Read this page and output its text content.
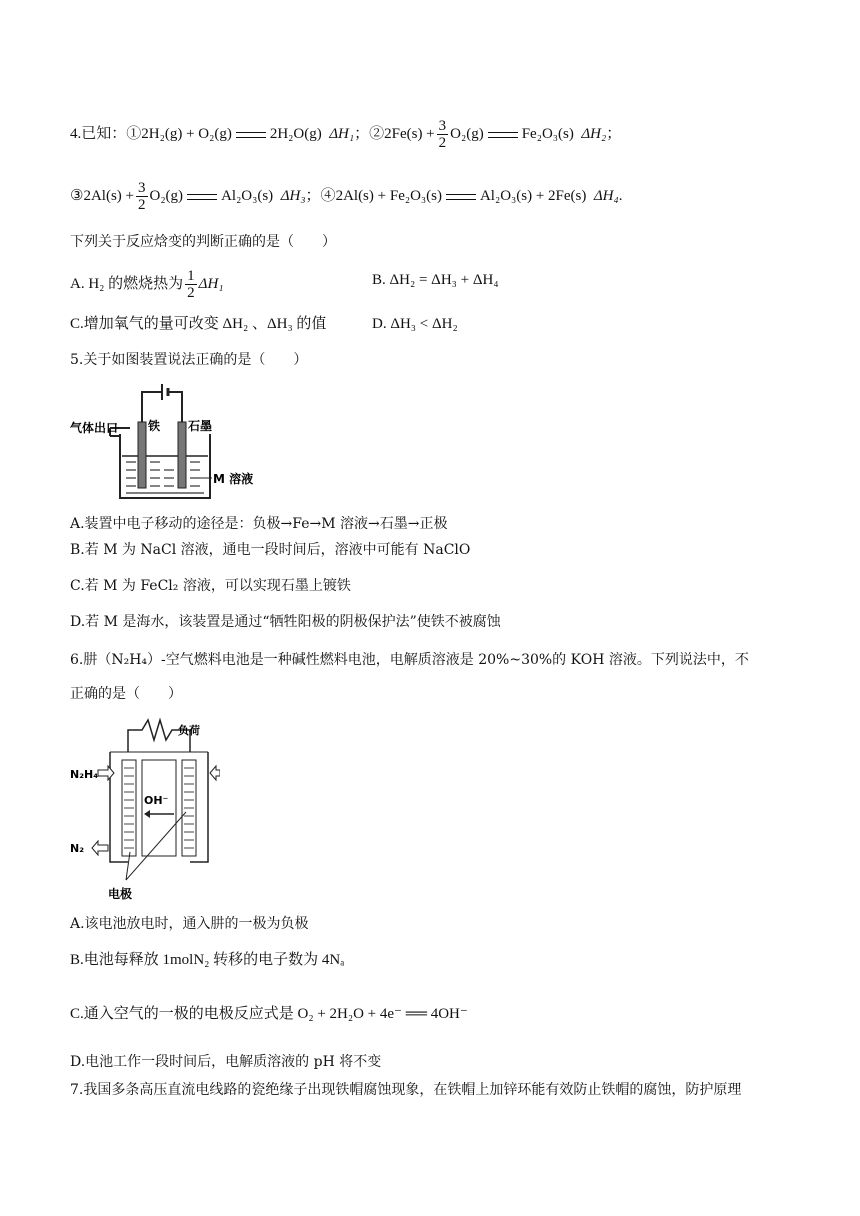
4.已知：①2H₂(g) + O₂(g)	2H₂O(g) ΔH₁；②2Fe(s) + $\frac{3}{2} O_2(g)$	Fe₂O₃(s) ΔH₂；
③2Al(s) + $\frac{3}{2} O_2(g)$	Al₂O₃(s) ΔH₃；④2Al(s) + Fe₂O₃(s)	Al₂O₃(s) + 2Fe(s) ΔH₄.
下列关于反应焓变的判断正确的是（　　）
A. H₂ 的燃烧热为 $\frac{1}{2} \Delta H_1$	B. ΔH₂ = ΔH₃ + ΔH₄
C.增加氧气的量可改变 ΔH₂ 、ΔH₃ 的值	D. ΔH₃ < ΔH₂
5.关于如图装置说法正确的是（　　）
气体出口 铁 石墨
M 溶液
A.装置中电子移动的途径是：负极→Fe→M 溶液→石墨→正极
B.若 M 为 NaCl 溶液，通电一段时间后，溶液中可能有 NaClO
C.若 M 为 FeCl₂ 溶液，可以实现石墨上镀铁
D.若 M 是海水，该装置是通过“牺牲阳极的阴极保护法”使铁不被腐蚀
6.肼（N₂H₄）-空气燃料电池是一种碱性燃料电池，电解质溶液是 20%~30%的 KOH 溶液。下列说法中，不
正确的是（　　）
负荷
OH⁻
N₂H₄
N₂
电极
A.该电池放电时，通入肼的一极为负极
B.电池每释放 1molN₂ 转移的电子数为 4Nₐ
C.通入空气的一极的电极反应式是 O₂ + 2H₂O + 4e⁻ ══ 4OH⁻
D.电池工作一段时间后，电解质溶液的 pH 将不变
7.我国多条高压直流电线路的瓷绝缘子出现铁帽腐蚀现象，在铁帽上加锌环能有效防止铁帽的腐蚀，防护原理
